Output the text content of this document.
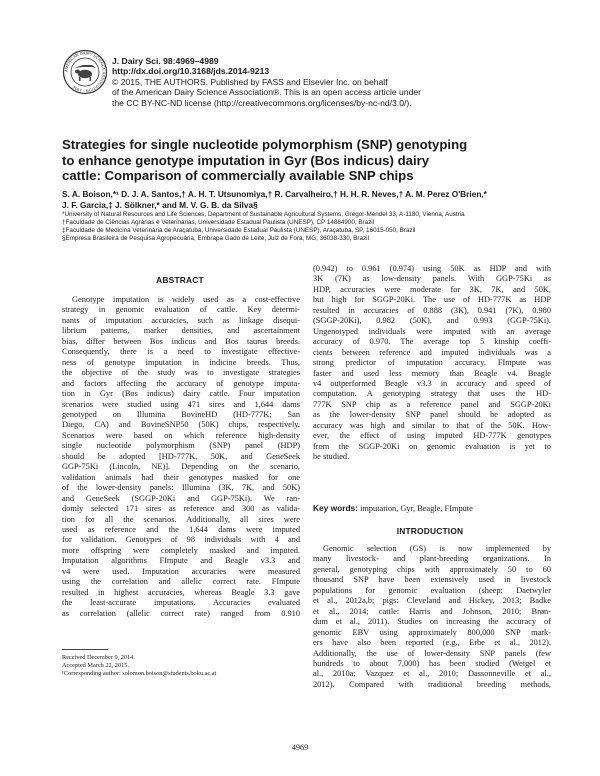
AMERICAN DAIRY SCIENCE ASSOCIATION · 1906
J. Dairy Sci. 98:4969–4989
http://dx.doi.org/10.3168/jds.2014-9213
© 2015, THE AUTHORS. Published by FASS and Elsevier Inc. on behalf
of the American Dairy Science Association®. This is an open access article under
the CC BY-NC-ND license (http://creativecommons.org/licenses/by-nc-nd/3.0/).
Strategies for single nucleotide polymorphism (SNP) genotyping
to enhance genotype imputation in Gyr (Bos indicus) dairy
cattle: Comparison of commercially available SNP chips
S. A. Boison,*¹ D. J. A. Santos,† A. H. T. Utsunomiya,† R. Carvalheiro,† H. H. R. Neves,† A. M. Perez O'Brien,*
J. F. Garcia,‡ J. Sölkner,* and M. V. G. B. da Silva§
*University of Natural Resources and Life Sciences, Department of Sustainable Agricultural Systems, Gregor-Mendel 33, A-1180, Vienna, Austria
†Faculdade de Ciências Agrárias e Veterinárias, Universidade Estadual Paulista (UNESP), CP 14884900, Brazil
‡Faculdade de Medicina Veterinária de Araçatuba, Universidade Estadual Paulista (UNESP), Araçatuba, SP, 16015-050, Brazil
§Empresa Brasileira de Pesquisa Agropecuária, Embrapa Gado de Leite, Juiz de Fora, MG, 36038-330, Brazil
ABSTRACT
Genotype imputation is widely used as a cost-effective
strategy in genomic evaluation of cattle. Key determi-
nants of imputation accuracies, such as linkage disequi-
librium patterns, marker densities, and ascertainment
bias, differ between Bos indicus and Bos taurus breeds.
Consequently, there is a need to investigate effective-
ness of genotype imputation in indicine breeds. Thus,
the objective of the study was to investigate strategies
and factors affecting the accuracy of genotype imputa-
tion in Gyr (Bos indicus) dairy cattle. Four imputation
scenarios were studied using 471 sires and 1,644 dams
genotyped on Illumina BovineHD (HD-777K; San
Diego, CA) and BovineSNP50 (50K) chips, respectively.
Scenarios were based on which reference high-density
single nucleotide polymorphism (SNP) panel (HDP)
should be adopted [HD-777K, 50K, and GeneSeek
GGP-75Ki (Lincoln, NE)]. Depending on the scenario,
validation animals had their genotypes masked for one
of the lower-density panels: Illumina (3K, 7K, and 50K)
and GeneSeek (SGGP-20Ki and GGP-75Ki). We ran-
domly selected 171 sires as reference and 300 as valida-
tion for all the scenarios. Additionally, all sires were
used as reference and the 1,644 dams were imputed
for validation. Genotypes of 98 individuals with 4 and
more offspring were completely masked and imputed.
Imputation algorithms FImpute and Beagle v3.3 and
v4 were used. Imputation accuracies were measured
using the correlation and allelic correct rate. FImpute
resulted in highest accuracies, whereas Beagle 3.3 gave
the least-accurate imputations. Accuracies evaluated
as correlation (allelic correct rate) ranged from 0.910
(0.942) to 0.961 (0.974) using 50K as HDP and with
3K (7K) as low-density panels. With GGP-75Ki as
HDP, accuracies were moderate for 3K, 7K, and 50K,
but high for SGGP-20Ki. The use of HD-777K as HDP
resulted in accuracies of 0.888 (3K), 0.941 (7K), 0.980
(SGGP-20Ki), 0.982 (50K), and 0.993 (GGP-75Ki).
Ungenotyped individuals were imputed with an average
accuracy of 0.970. The average top 5 kinship coeffi-
cients between reference and imputed individuals was a
strong predictor of imputation accuracy. FImpute was
faster and used less memory than Beagle v4. Beagle
v4 outperformed Beagle v3.3 in accuracy and speed of
computation. A genotyping strategy that uses the HD-
777K SNP chip as a reference panel and SGGP-20Ki
as the lower-density SNP panel should be adopted as
accuracy was high and similar to that of the 50K. How-
ever, the effect of using imputed HD-777K genotypes
from the SGGP-20Ki on genomic evaluation is yet to
be studied.
Key words: imputation, Gyr, Beagle, FImpute
INTRODUCTION
Genomic selection (GS) is now implemented by
many livestock- and plant-breeding organizations. In
general, genotyping chips with approximately 50 to 60
thousand SNP have been extensively used in livestock
populations for genomic evaluation (sheep: Daetwyler
et al., 2012a,b; pigs: Cleveland and Hickey, 2013; Badke
et al., 2014; cattle: Harris and Johnson, 2010; Brøn-
dum et al., 2011). Studies on increasing the accuracy of
genomic EBV using approximately 800,000 SNP mark-
ers have also been reported (e.g., Erbe et al., 2012).
Additionally, the use of lower-density SNP panels (few
hundreds to about 7,000) has been studied (Weigel et
al., 2010a; Vazquez et al., 2010; Dassonneville et al.,
2012). Compared with traditional breeding methods,
Received December 9, 2014.
Accepted March 22, 2015.
¹Corresponding author: solomon.boison@students.boku.ac.at
4969
